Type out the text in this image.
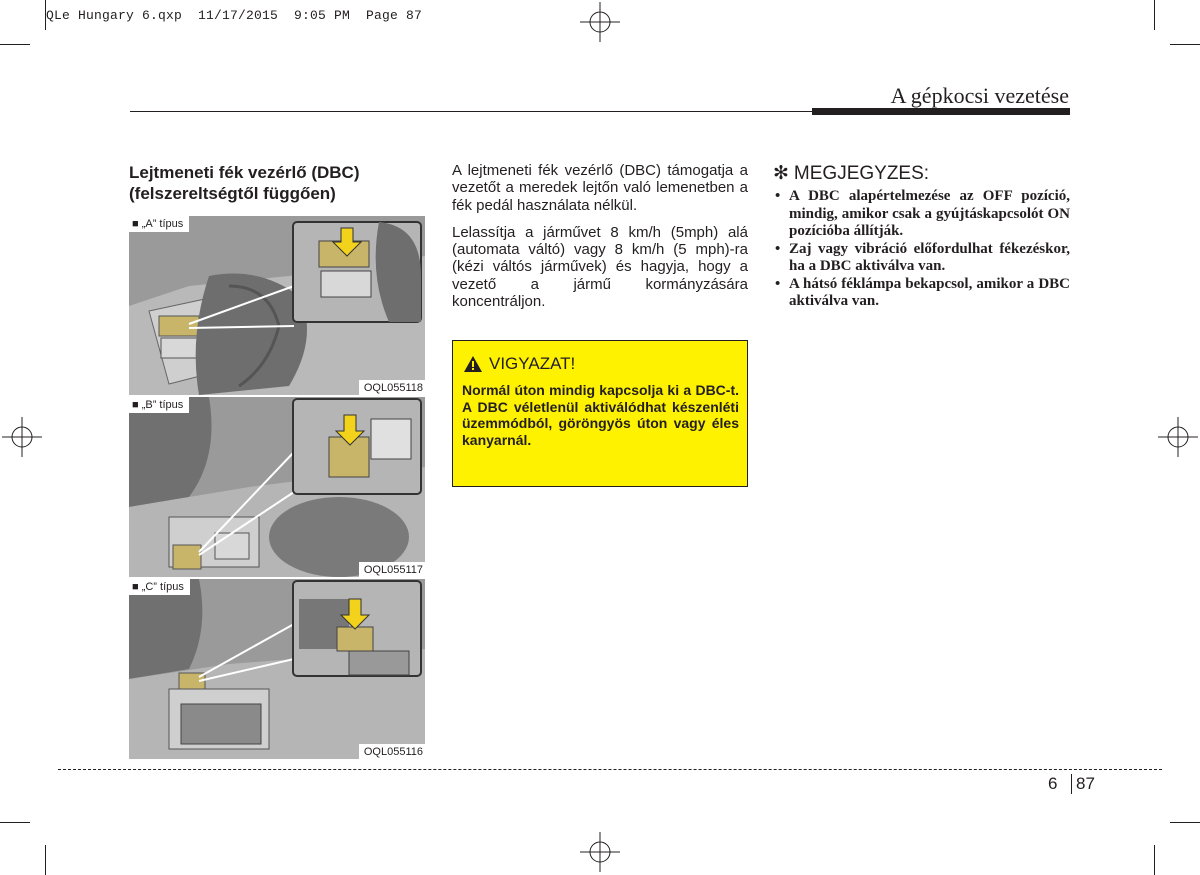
QLe Hungary 6.qxp  11/17/2015  9:05 PM  Page 87
A gépkocsi vezetése
Lejtmeneti fék vezérlő (DBC)
(felszereltségtől függően)
■ „A” típus
OQL055118
■ „B” típus
OQL055117
■ „C” típus
OQL055116

A lejtmeneti fék vezérlő (DBC) támogatja a vezetőt a meredek lejtőn való lemenetben a fék pedál használata nélkül.

Lelassítja a járművet 8 km/h (5mph) alá (automata váltó) vagy 8 km/h (5 mph)-ra (kézi váltós járművek) és hagyja, hogy a vezető a jármű kormányzására koncentráljon.

VIGYAZAT!
Normál úton mindig kapcsolja ki a DBC-t. A DBC véletlenül aktiválódhat készenléti üzemmódból, göröngyös úton vagy éles kanyarnál.
✻ MEGJEGYZES:
• A DBC alapértelmezése az OFF pozíció, mindig, amikor csak a gyújtáskapcsolót ON pozícióba állítják.
• Zaj vagy vibráció előfordulhat fékezéskor, ha a DBC aktiválva van.
• A hátsó féklámpa bekapcsol, amikor a DBC aktiválva van.
6 87
